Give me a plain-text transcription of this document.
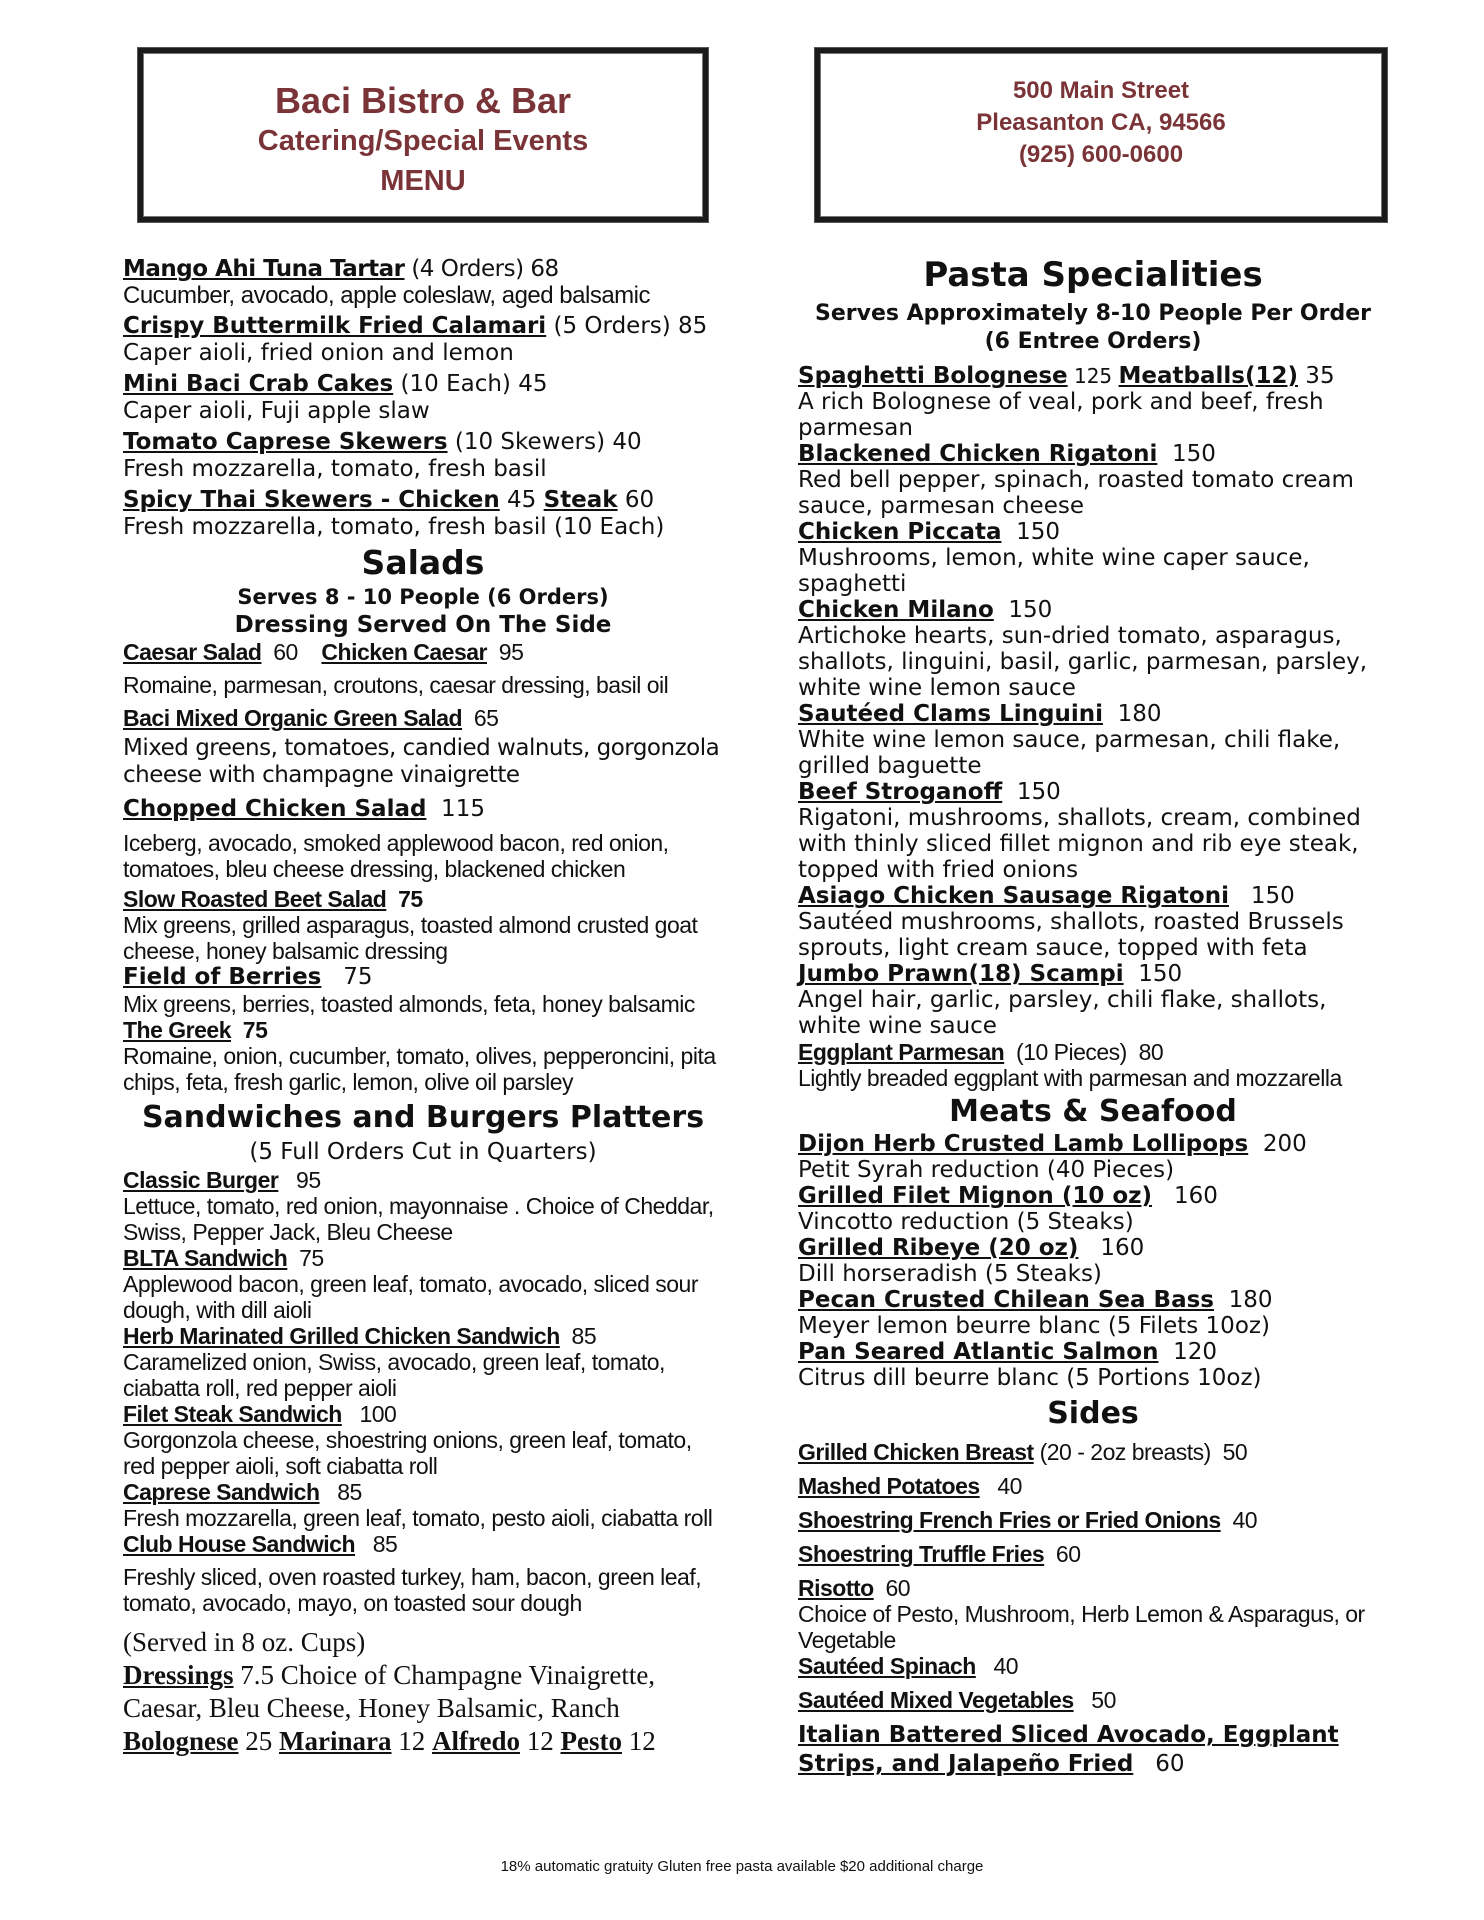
Baci Bistro & Bar
Catering/Special Events
MENU
500 Main Street
Pleasanton CA, 94566
(925) 600-0600
Mango Ahi Tuna Tartar (4 Orders) 68
Cucumber, avocado, apple coleslaw, aged balsamic
Crispy Buttermilk Fried Calamari (5 Orders) 85
Caper aioli, fried onion and lemon
Mini Baci Crab Cakes (10 Each) 45
Caper aioli, Fuji apple slaw
Tomato Caprese Skewers (10 Skewers) 40
Fresh mozzarella, tomato, fresh basil
Spicy Thai Skewers - Chicken 45 Steak 60
Fresh mozzarella, tomato, fresh basil (10 Each)
Salads
Serves 8 - 10 People (6 Orders)
Dressing Served On The Side
Caesar Salad  60    Chicken Caesar  95
Romaine, parmesan, croutons, caesar dressing, basil oil
Baci Mixed Organic Green Salad  65
Mixed greens, tomatoes, candied walnuts, gorgonzola cheese with champagne vinaigrette
Chopped Chicken Salad  115
Iceberg, avocado, smoked applewood bacon, red onion, tomatoes, bleu cheese dressing, blackened chicken
Slow Roasted Beet Salad  75
Mix greens, grilled asparagus, toasted almond crusted goat cheese, honey balsamic dressing
Field of Berries   75
Mix greens, berries, toasted almonds, feta, honey balsamic
The Greek  75
Romaine, onion, cucumber, tomato, olives, pepperoncini, pita chips, feta, fresh garlic, lemon, olive oil parsley
Sandwiches and Burgers Platters
(5 Full Orders Cut in Quarters)
Classic Burger   95
Lettuce, tomato, red onion, mayonnaise . Choice of Cheddar, Swiss, Pepper Jack, Bleu Cheese
BLTA Sandwich  75
Applewood bacon, green leaf, tomato, avocado, sliced sour dough, with dill aioli
Herb Marinated Grilled Chicken Sandwich  85
Caramelized onion, Swiss, avocado, green leaf, tomato, ciabatta roll, red pepper aioli
Filet Steak Sandwich   100
Gorgonzola cheese, shoestring onions, green leaf, tomato, red pepper aioli, soft ciabatta roll
Caprese Sandwich   85
Fresh mozzarella, green leaf, tomato, pesto aioli, ciabatta roll
Club House Sandwich   85
Freshly sliced, oven roasted turkey, ham, bacon, green leaf, tomato, avocado, mayo, on toasted sour dough
(Served in 8 oz. Cups)
Dressings 7.5 Choice of Champagne Vinaigrette, Caesar, Bleu Cheese, Honey Balsamic, Ranch
Bolognese 25 Marinara 12 Alfredo 12 Pesto 12
Pasta Specialities
Serves Approximately 8-10 People Per Order
(6 Entree Orders)
Spaghetti Bolognese 125 Meatballs(12) 35
A rich Bolognese of veal, pork and beef, fresh parmesan
Blackened Chicken Rigatoni  150
Red bell pepper, spinach, roasted tomato cream sauce, parmesan cheese
Chicken Piccata  150
Mushrooms, lemon, white wine caper sauce, spaghetti
Chicken Milano  150
Artichoke hearts, sun-dried tomato, asparagus, shallots, linguini, basil, garlic, parmesan, parsley, white wine lemon sauce
Sautéed Clams Linguini  180
White wine lemon sauce, parmesan, chili flake, grilled baguette
Beef Stroganoff  150
Rigatoni, mushrooms, shallots, cream, combined with thinly sliced fillet mignon and rib eye steak, topped with fried onions
Asiago Chicken Sausage Rigatoni   150
Sautéed mushrooms, shallots, roasted Brussels sprouts, light cream sauce, topped with feta
Jumbo Prawn(18) Scampi  150
Angel hair, garlic, parsley, chili flake, shallots, white wine sauce
Eggplant Parmesan  (10 Pieces)  80
Lightly breaded eggplant with parmesan and mozzarella
Meats & Seafood
Dijon Herb Crusted Lamb Lollipops  200
Petit Syrah reduction (40 Pieces)
Grilled Filet Mignon (10 oz)   160
Vincotto reduction (5 Steaks)
Grilled Ribeye (20 oz)   160
Dill horseradish (5 Steaks)
Pecan Crusted Chilean Sea Bass  180
Meyer lemon beurre blanc (5 Filets 10oz)
Pan Seared Atlantic Salmon  120
Citrus dill beurre blanc (5 Portions 10oz)
Sides
Grilled Chicken Breast (20 - 2oz breasts)  50
Mashed Potatoes   40
Shoestring French Fries or Fried Onions  40
Shoestring Truffle Fries  60
Risotto  60
Choice of Pesto, Mushroom, Herb Lemon & Asparagus, or Vegetable
Sautéed Spinach   40
Sautéed Mixed Vegetables   50
Italian Battered Sliced Avocado, Eggplant Strips, and Jalapeño Fried   60
18% automatic gratuity Gluten free pasta available $20 additional charge
